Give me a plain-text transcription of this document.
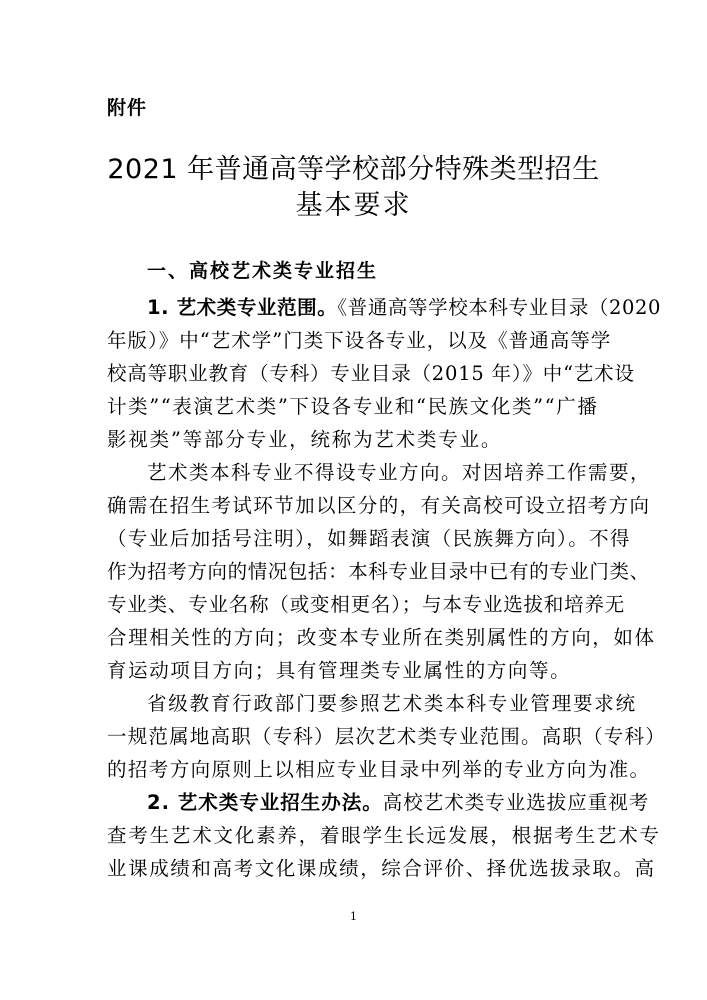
附件
2021 年普通高等学校部分特殊类型招生
基本要求
一、高校艺术类专业招生
1. 艺术类专业范围。《普通高等学校本科专业目录（2020
年版）》中“艺术学”门类下设各专业，以及《普通高等学
校高等职业教育（专科）专业目录（2015 年）》中“艺术设
计类”“表演艺术类”下设各专业和“民族文化类”“广播
影视类”等部分专业，统称为艺术类专业。
艺术类本科专业不得设专业方向。对因培养工作需要，
确需在招生考试环节加以区分的，有关高校可设立招考方向
（专业后加括号注明），如舞蹈表演（民族舞方向）。不得
作为招考方向的情况包括：本科专业目录中已有的专业门类、
专业类、专业名称（或变相更名）；与本专业选拔和培养无
合理相关性的方向；改变本专业所在类别属性的方向，如体
育运动项目方向；具有管理类专业属性的方向等。
省级教育行政部门要参照艺术类本科专业管理要求统
一规范属地高职（专科）层次艺术类专业范围。高职（专科）
的招考方向原则上以相应专业目录中列举的专业方向为准。
2. 艺术类专业招生办法。高校艺术类专业选拔应重视考
查考生艺术文化素养，着眼学生长远发展，根据考生艺术专
业课成绩和高考文化课成绩，综合评价、择优选拔录取。高
1
